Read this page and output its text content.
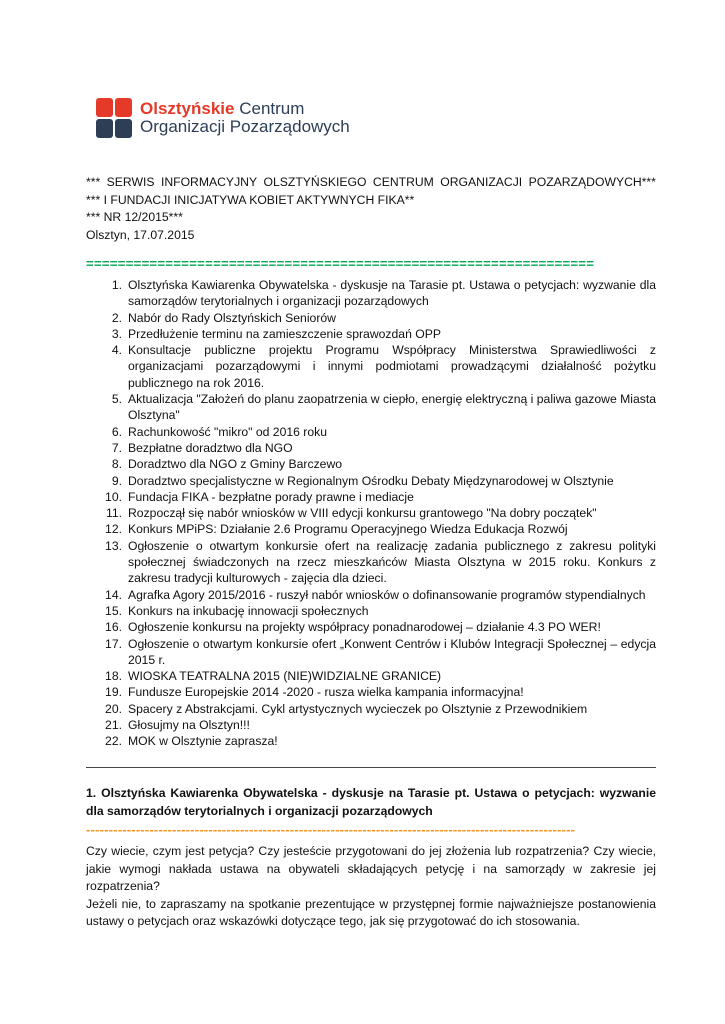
Olsztyńskie Centrum
Organizacji Pozarządowych
*** SERWIS INFORMACYJNY OLSZTYŃSKIEGO CENTRUM ORGANIZACJI POZARZĄDOWYCH***
*** I FUNDACJI INICJATYWA KOBIET AKTYWNYCH FIKA**
*** NR 12/2015***
Olsztyn, 17.07.2015
================================================================
1. Olsztyńska Kawiarenka Obywatelska - dyskusje na Tarasie pt. Ustawa o petycjach: wyzwanie dla samorządów terytorialnych i organizacji pozarządowych
2. Nabór do Rady Olsztyńskich Seniorów
3. Przedłużenie terminu na zamieszczenie sprawozdań OPP
4. Konsultacje publiczne projektu Programu Współpracy Ministerstwa Sprawiedliwości z organizacjami pozarządowymi i innymi podmiotami prowadzącymi działalność pożytku publicznego na rok 2016.
5. Aktualizacja "Założeń do planu zaopatrzenia w ciepło, energię elektryczną i paliwa gazowe Miasta Olsztyna"
6. Rachunkowość "mikro" od 2016 roku
7. Bezpłatne doradztwo dla NGO
8. Doradztwo dla NGO z Gminy Barczewo
9. Doradztwo specjalistyczne w Regionalnym Ośrodku Debaty Międzynarodowej w Olsztynie
10. Fundacja FIKA - bezpłatne porady prawne i mediacje
11. Rozpoczął się nabór wniosków w VIII edycji konkursu grantowego "Na dobry początek"
12. Konkurs MPiPS: Działanie 2.6 Programu Operacyjnego Wiedza Edukacja Rozwój
13. Ogłoszenie o otwartym konkursie ofert na realizację zadania publicznego z zakresu polityki społecznej świadczonych na rzecz mieszkańców Miasta Olsztyna w 2015 roku. Konkurs z zakresu tradycji kulturowych - zajęcia dla dzieci.
14. Agrafka Agory 2015/2016 - ruszył nabór wniosków o dofinansowanie programów stypendialnych
15. Konkurs na inkubację innowacji społecznych
16. Ogłoszenie konkursu na projekty współpracy ponadnarodowej – działanie 4.3 PO WER!
17. Ogłoszenie o otwartym konkursie ofert „Konwent Centrów i Klubów Integracji Społecznej – edycja 2015 r.
18. WIOSKA TEATRALNA 2015 (NIE)WIDZIALNE GRANICE)
19. Fundusze Europejskie 2014 -2020 - rusza wielka kampania informacyjna!
20. Spacery z Abstrakcjami. Cykl artystycznych wycieczek po Olsztynie z Przewodnikiem
21. Głosujmy na Olsztyn!!!
22. MOK w Olsztynie zaprasza!
1. Olsztyńska Kawiarenka Obywatelska - dyskusje na Tarasie pt. Ustawa o petycjach: wyzwanie dla samorządów terytorialnych i organizacji pozarządowych
------------------------------------------------------------------------------------------------------------

Czy wiecie, czym jest petycja? Czy jesteście przygotowani do jej złożenia lub rozpatrzenia? Czy wiecie, jakie wymogi nakłada ustawa na obywateli składających petycję i na samorządy w zakresie jej rozpatrzenia?

Jeżeli nie, to zapraszamy na spotkanie prezentujące w przystępnej formie najważniejsze postanowienia ustawy o petycjach oraz wskazówki dotyczące tego, jak się przygotować do ich stosowania.
